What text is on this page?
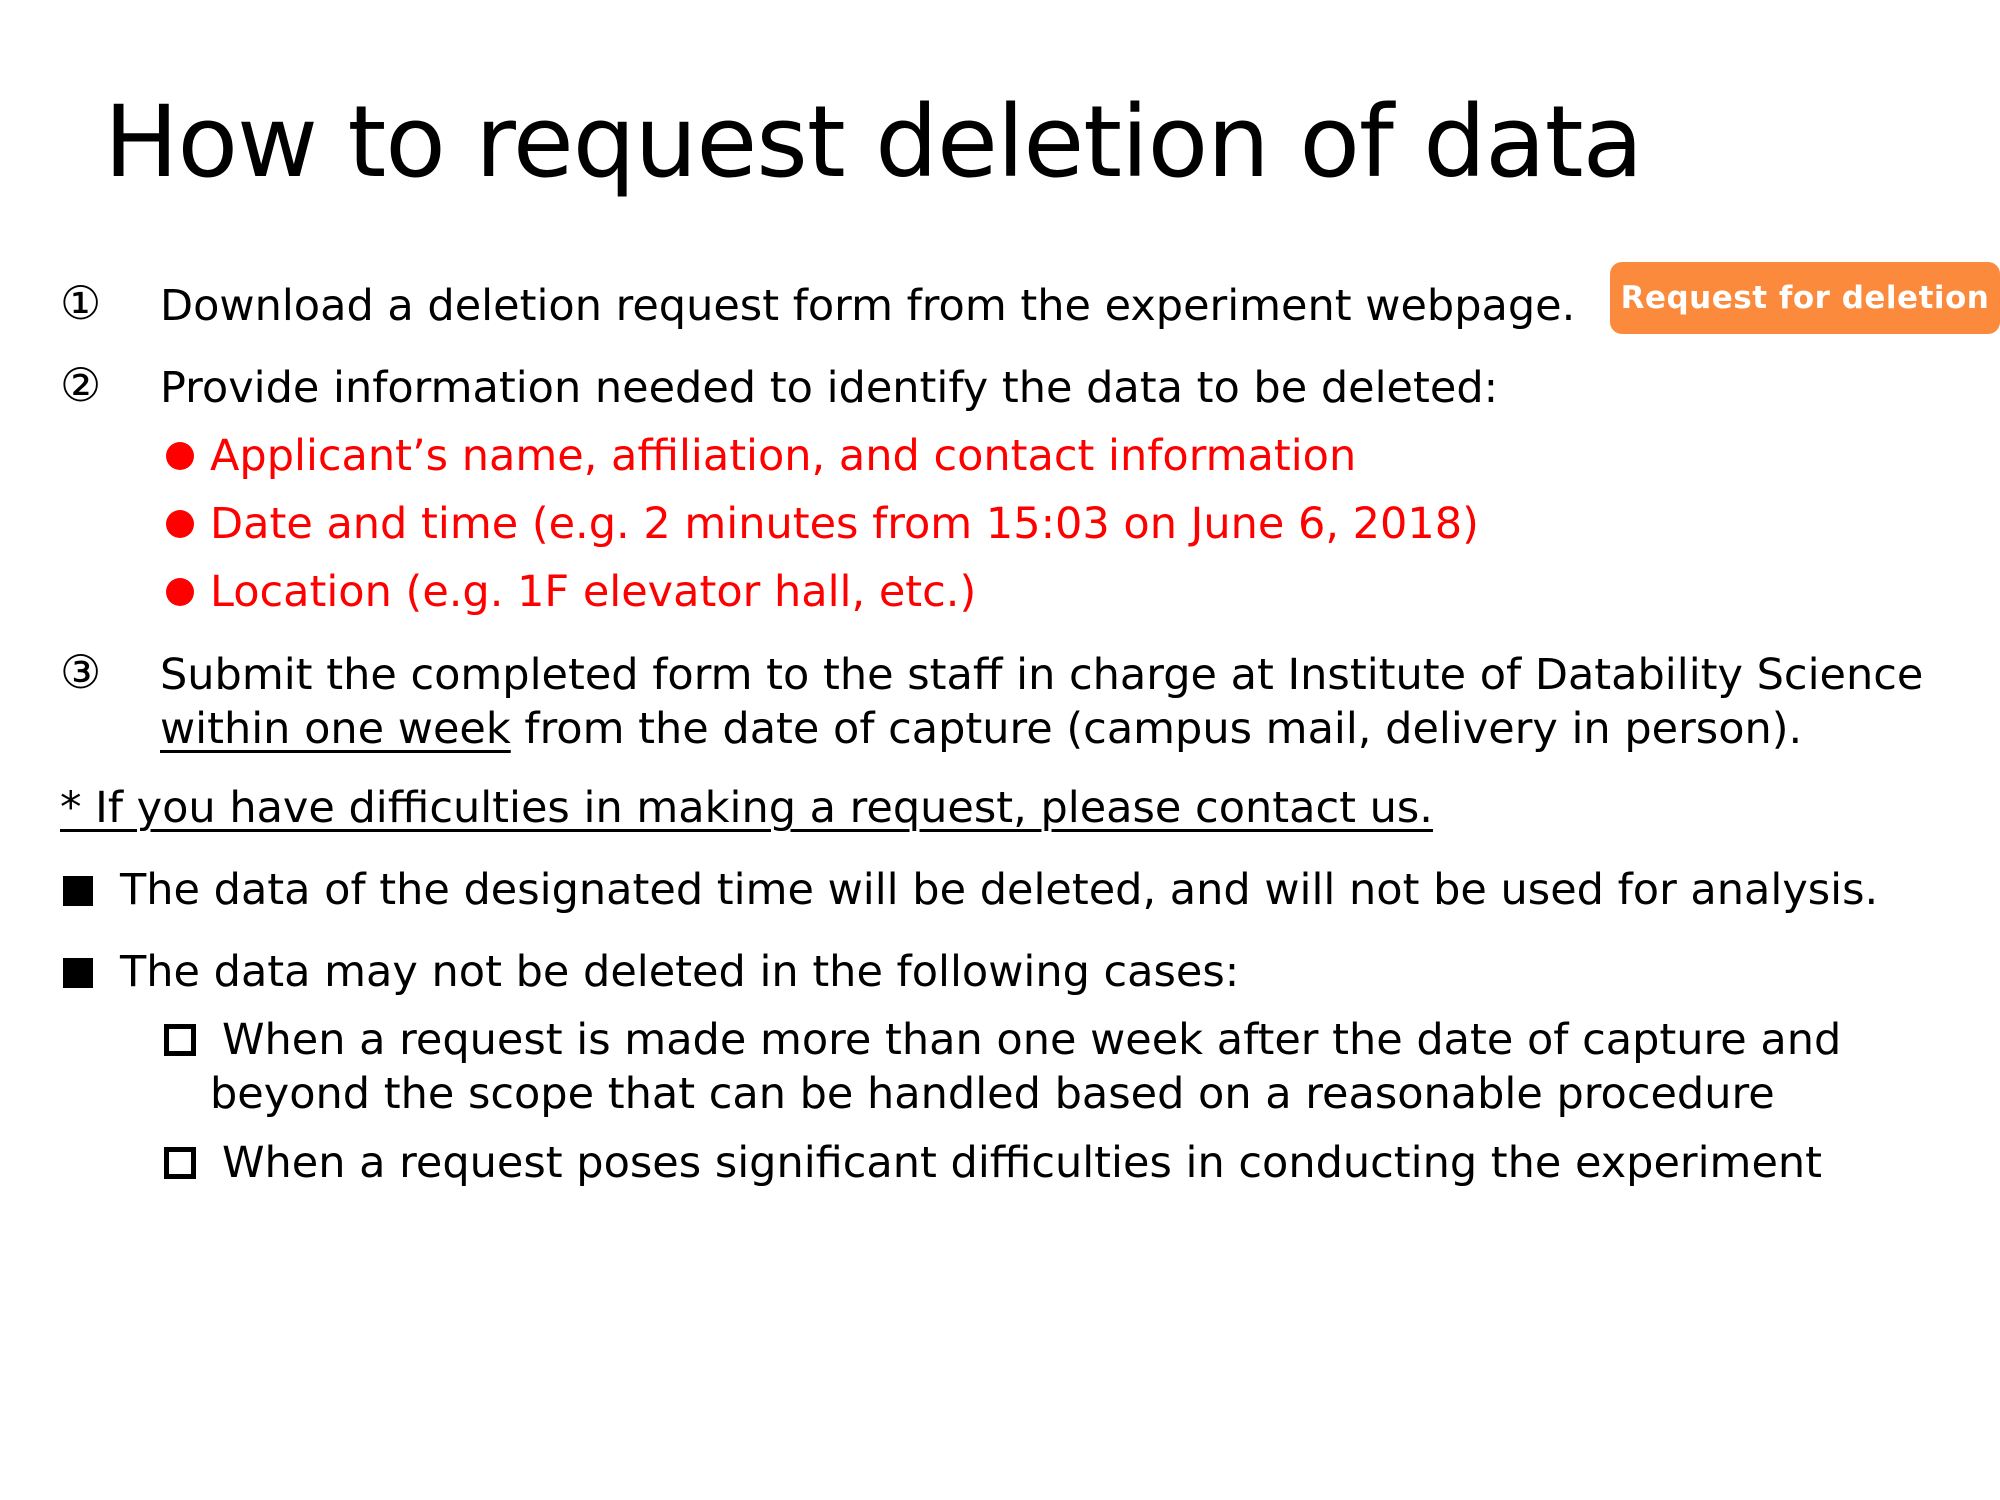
How to request deletion of data
Request for deletion
① Download a deletion request form from the experiment webpage.
② Provide information needed to identify the data to be deleted:
Applicant’s name, affiliation, and contact information
Date and time (e.g. 2 minutes from 15:03 on June 6, 2018)
Location (e.g. 1F elevator hall, etc.)
③ Submit the completed form to the staff in charge at Institute of Datability Science
within one week from the date of capture (campus mail, delivery in person).
* If you have difficulties in making a request, please contact us.
The data of the designated time will be deleted, and will not be used for analysis.
The data may not be deleted in the following cases:
When a request is made more than one week after the date of capture and
beyond the scope that can be handled based on a reasonable procedure
When a request poses significant difficulties in conducting the experiment
